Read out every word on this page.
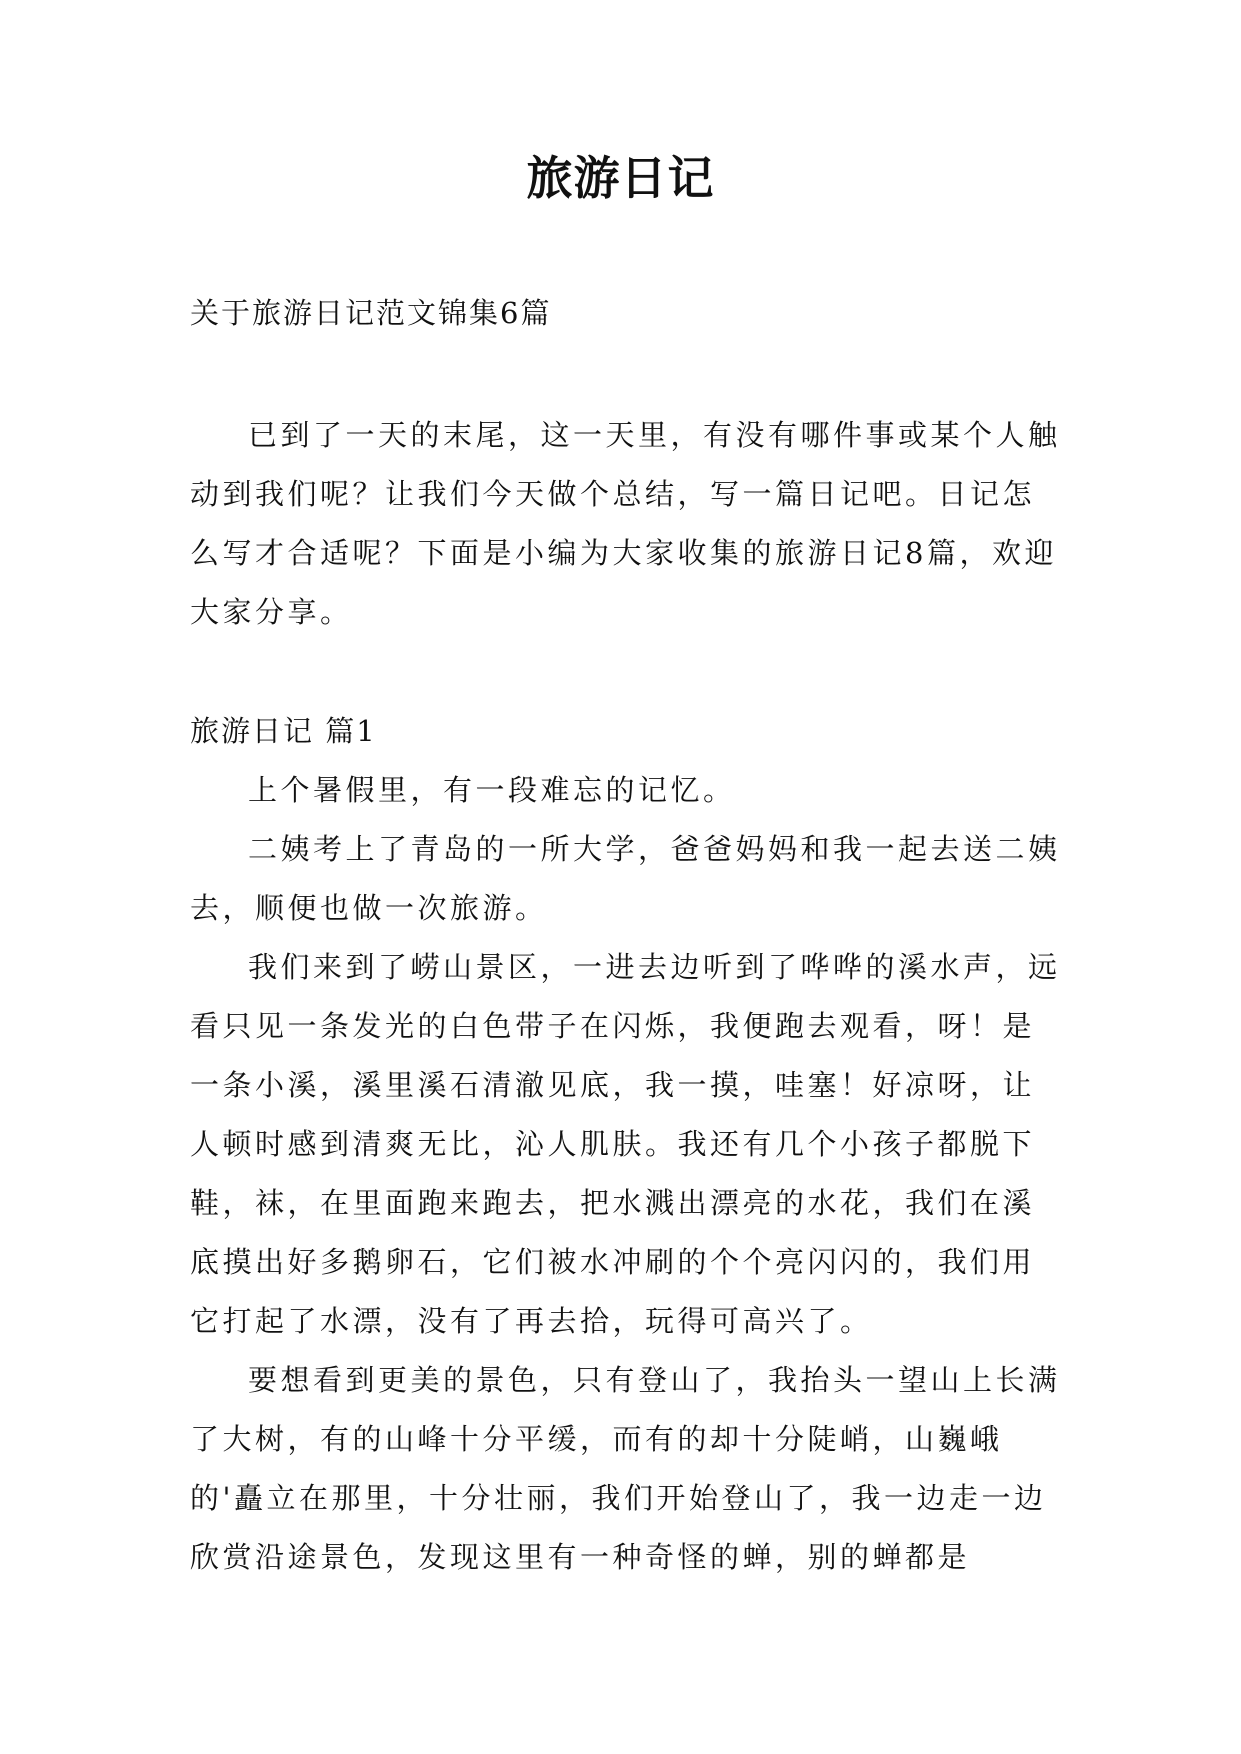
旅游日记
关于旅游日记范文锦集6篇

已到了一天的末尾，这一天里，有没有哪件事或某个人触动到我们呢？让我们今天做个总结，写一篇日记吧。日记怎么写才合适呢？下面是小编为大家收集的旅游日记8篇，欢迎大家分享。

旅游日记 篇1

上个暑假里，有一段难忘的记忆。

二姨考上了青岛的一所大学，爸爸妈妈和我一起去送二姨去，顺便也做一次旅游。

我们来到了崂山景区，一进去边听到了哗哗的溪水声，远看只见一条发光的白色带子在闪烁，我便跑去观看，呀！是一条小溪，溪里溪石清澈见底，我一摸，哇塞！好凉呀，让人顿时感到清爽无比，沁人肌肤。我还有几个小孩子都脱下鞋，袜，在里面跑来跑去，把水溅出漂亮的水花，我们在溪底摸出好多鹅卵石，它们被水冲刷的个个亮闪闪的，我们用它打起了水漂，没有了再去拾，玩得可高兴了。

要想看到更美的景色，只有登山了，我抬头一望山上长满了大树，有的山峰十分平缓，而有的却十分陡峭，山巍峨的'矗立在那里，十分壮丽，我们开始登山了，我一边走一边欣赏沿途景色，发现这里有一种奇怪的蝉，别的蝉都是
